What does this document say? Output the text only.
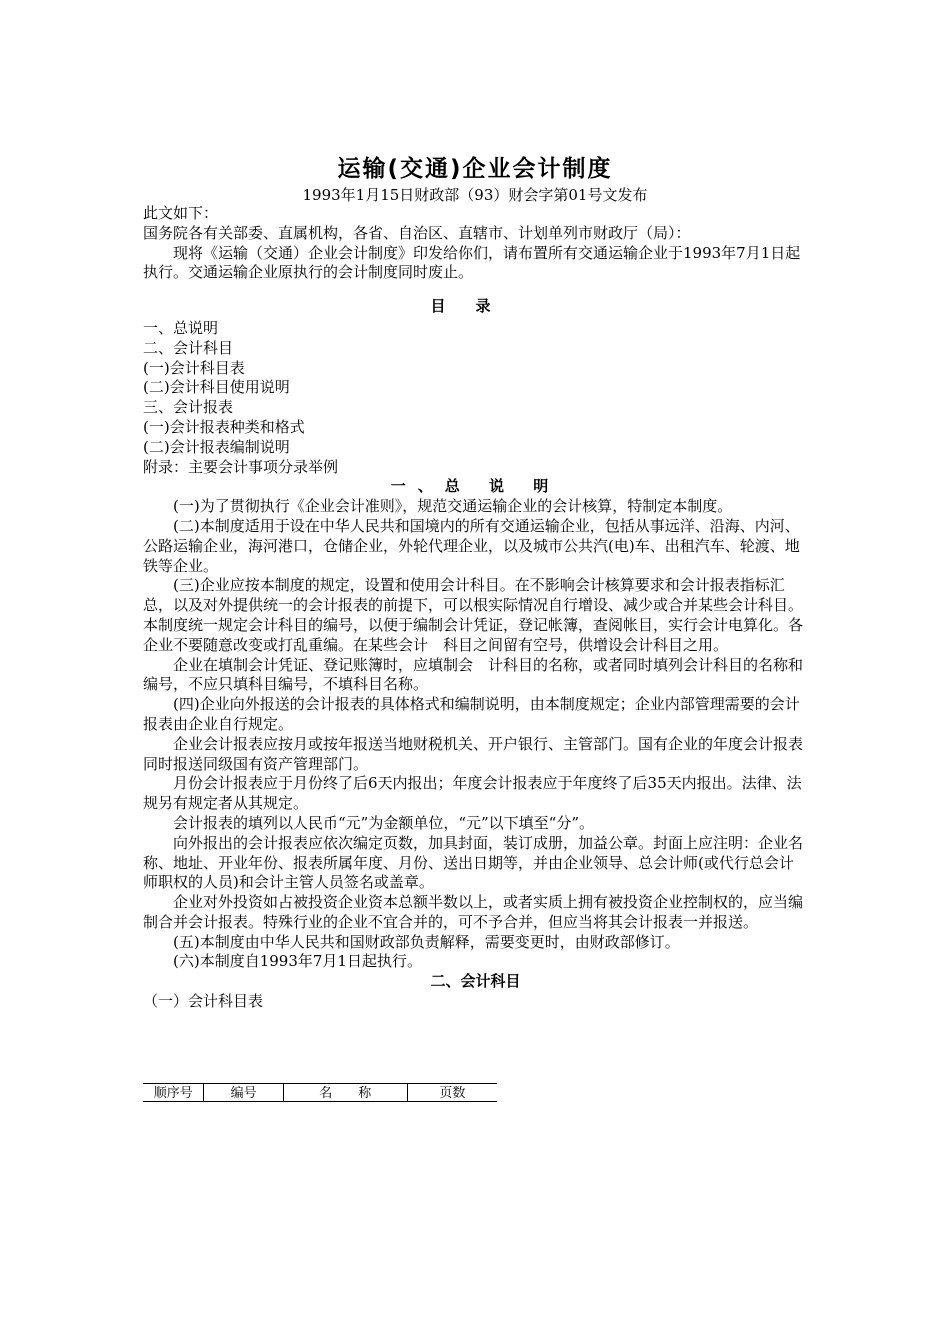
运输(交通)企业会计制度
1993年1月15日财政部（93）财会字第01号文发布

此文如下：

国务院各有关部委、直属机构，各省、自治区、直辖市、计划单列市财政厅（局）：

现将《运输（交通）企业会计制度》印发给你们，请布置所有交通运输企业于1993年7月1日起执行。交通运输企业原执行的会计制度同时废止。

目录

一、总说明

二、会计科目

(一)会计科目表

(二)会计科目使用说明

三、会计报表

(一)会计报表种类和格式

(二)会计报表编制说明

附录：主要会计事项分录举例

一、总 说 明

(一)为了贯彻执行《企业会计准则》，规范交通运输企业的会计核算，特制定本制度。

(二)本制度适用于设在中华人民共和国境内的所有交通运输企业，包括从事远洋、沿海、内河、公路运输企业，海河港口，仓储企业，外轮代理企业，以及城市公共汽(电)车、出租汽车、轮渡、地铁等企业。

(三)企业应按本制度的规定，设置和使用会计科目。在不影响会计核算要求和会计报表指标汇总，以及对外提供统一的会计报表的前提下，可以根实际情况自行增设、减少或合并某些会计科目。本制度统一规定会计科目的编号，以便于编制会计凭证，登记帐簿，查阅帐目，实行会计电算化。各企业不要随意改变或打乱重编。在某些会计　科目之间留有空号，供增设会计科目之用。

企业在填制会计凭证、登记账簿时，应填制会　计科目的名称，或者同时填列会计科目的名称和编号，不应只填科目编号，不填科目名称。

(四)企业向外报送的会计报表的具体格式和编制说明，由本制度规定；企业内部管理需要的会计报表由企业自行规定。

企业会计报表应按月或按年报送当地财税机关、开户银行、主管部门。国有企业的年度会计报表同时报送同级国有资产管理部门。

月份会计报表应于月份终了后6天内报出；年度会计报表应于年度终了后35天内报出。法律、法规另有规定者从其规定。

会计报表的填列以人民币“元”为金额单位，“元”以下填至“分”。

向外报出的会计报表应依次编定页数，加具封面，装订成册，加益公章。封面上应注明：企业名称、地址、开业年份、报表所属年度、月份、送出日期等，并由企业领导、总会计师(或代行总会计师职权的人员)和会计主管人员签名或盖章。

企业对外投资如占被投资企业资本总额半数以上，或者实质上拥有被投资企业控制权的，应当编制合并会计报表。特殊行业的企业不宜合并的，可不予合并，但应当将其会计报表一并报送。

(五)本制度由中华人民共和国财政部负责解释，需要变更时，由财政部修订。

(六)本制度自1993年7月1日起执行。

二、会计科目

（一）会计科目表

顺序号	编号	名　　称	页数
